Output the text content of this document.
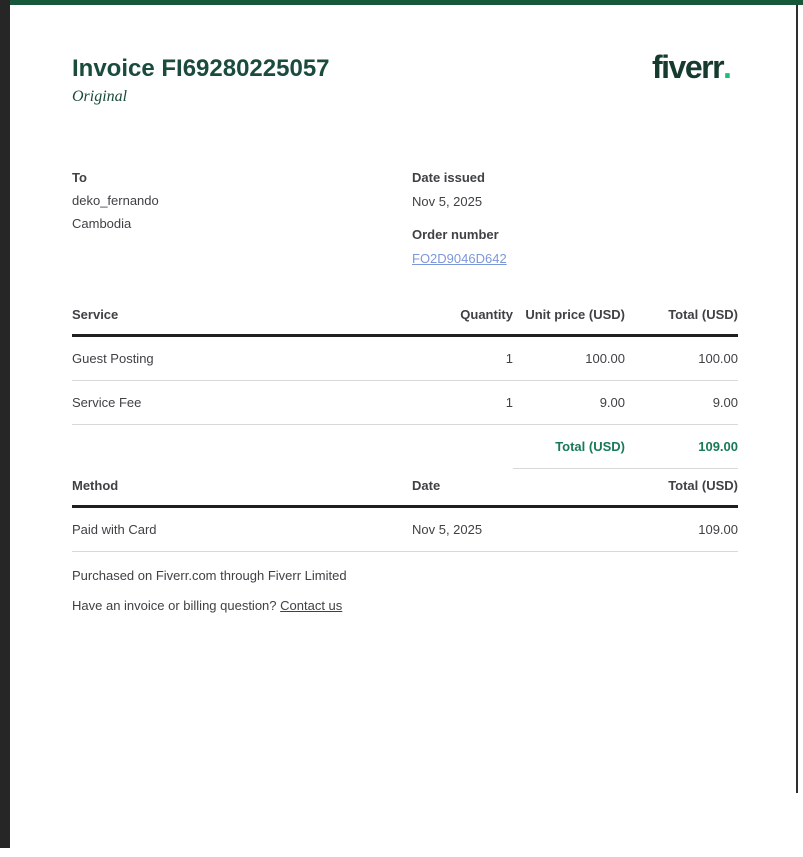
Invoice FI69280225057
Original
fiverr.
To
deko_fernando
Cambodia
Date issued
Nov 5, 2025
Order number
FO2D9046D642
Service	Quantity	Unit price (USD)	Total (USD)
Guest Posting	1	100.00	100.00
Service Fee	1	9.00	9.00
		Total (USD)	109.00
Method	Date	Total (USD)
Paid with Card	Nov 5, 2025	109.00
Purchased on Fiverr.com through Fiverr Limited
Have an invoice or billing question? Contact us
